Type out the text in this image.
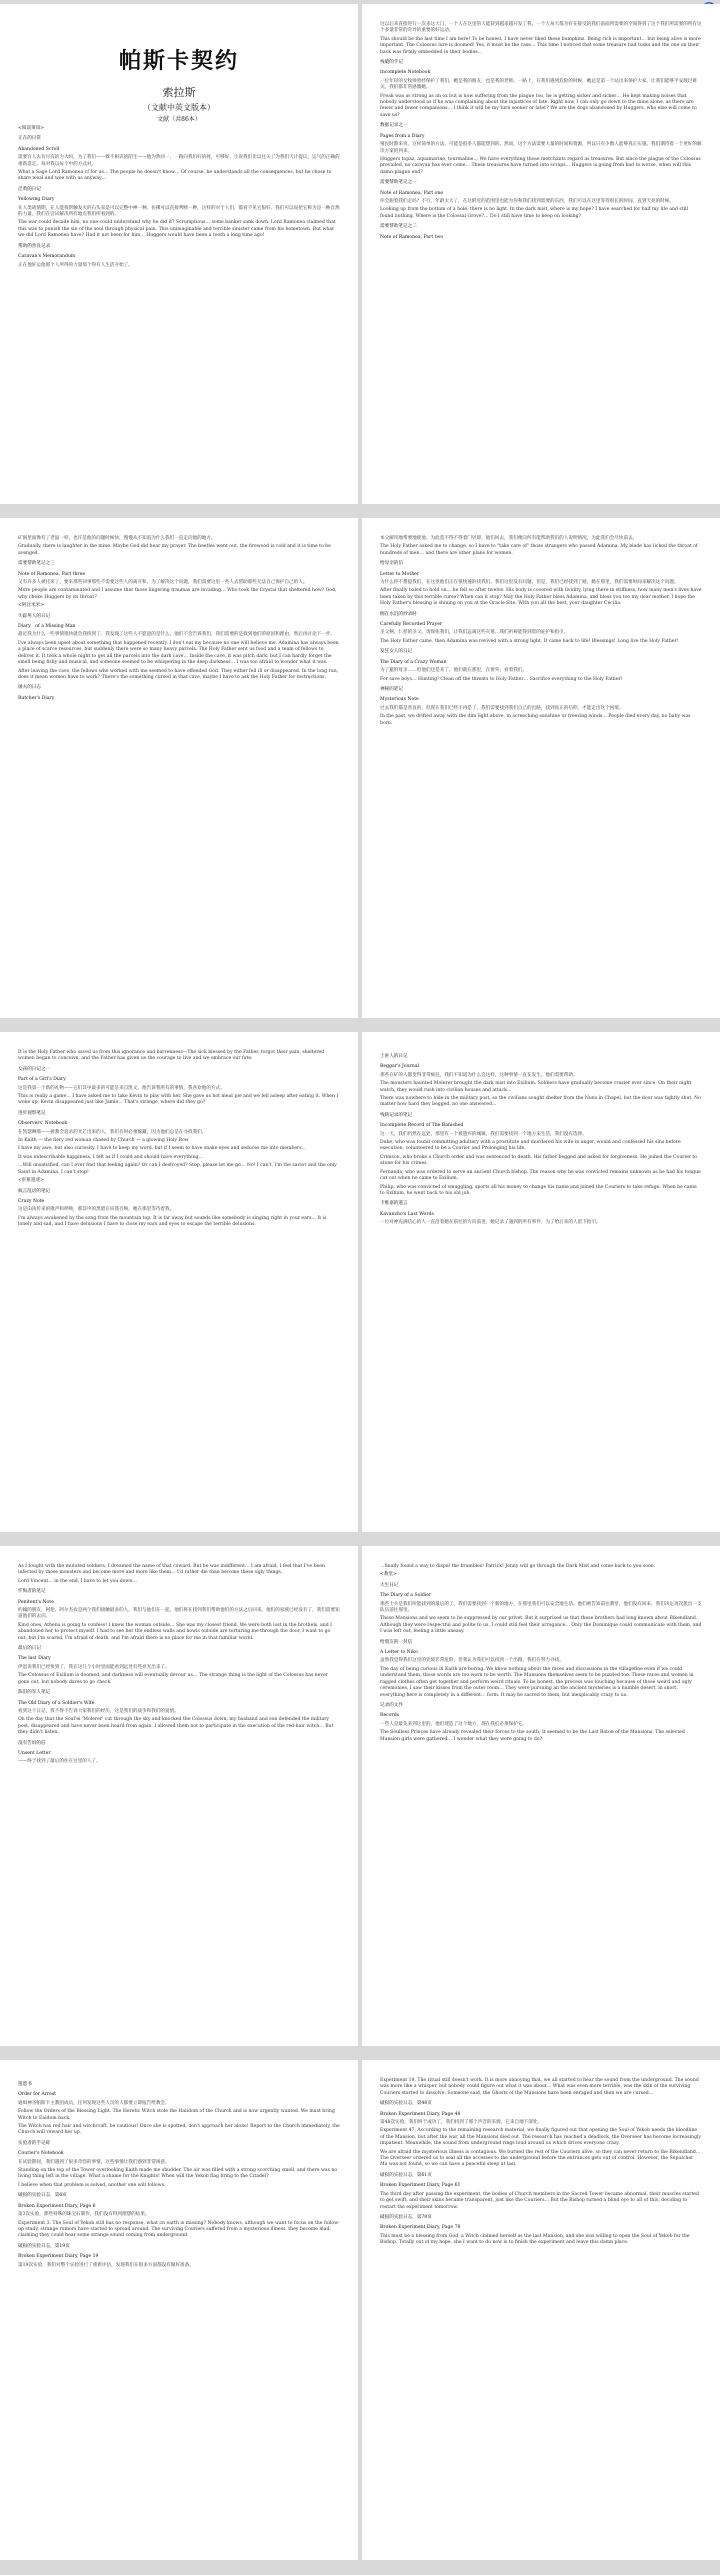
帕斯卡契约

索拉斯

（文献中英文版本）

文献（共86本）

<阅读须知>

正在的日常

Abandoned Scroll

需要有人去有尽有的力大吗，为了我们——救不相识的陌生——他为然同一，一路向我们好的将，可够好，小说我们比以往关了为我们天计提议，运气的正确的重新选定。每对我以每个中的方式对。

What a Sage Lord Ramonea cf for us… The people he doesn't know… Of course, he understands all the consequences, but he chose to share weal and woe with us anyway…

泛黄的日记

Yellowing Diary

在人类战情期，在人能将帮触发火的石头采是可以完整中神一种。仿佛可以直接判断一种，这样的对于人们，都看不见它很好。我们可以说把它称为是一种自然的力量，我们在尝试解决所有地点我们所看到的。

The war could decade him, no one could understand why he did it? Scrumptious… some banker sank down. Lord Ramonea claimed that this was to punish the sin of the soul through physical pain. This unimaginable and terrible sinister came from his hometown. But what we did Lord Ramonea have? Had it not been for him… Huggers would have been a tooth a long time ago!

帮助的善良记录

Caravan's Memorandum

正在他好运他那个人所得的力量那个得有人生活开始了。

这以后来直接进行一次来这大门，一个人在这里的人能获到越来越开发了我，一个人每天都为好在接受的我们前面所需要的空间得到了这个我们所需要的所有这个多量非常的奇异的重要的好运动。

This should be the last time I am here! To be honest, I have never liked these bumpkins. Being rich is important… but being alive is more important. The Colossus lure is doomed! Yes, it must be the case… This time I noticed that some treasure had tusks and the one on their back was firmly embedded in their bodies…

残破的手记

Incomplete Notebook

一位年轻的女牧师曾经保护了我们，她是我的朋友，也是我的老师。一路上，在我们遇到危险的时候，她总是第一个站出来保护大家，让我们能够平安渡过难关。我们都非常感激她。

Freak was as strong as an ox but is now suffering from the plague too, he is getting sicker and sicker… He kept making noises that nobody understood as if he was complaining about the injustices of fate. Right now, I can only go down to the mine alone, as there are fewer and fewer companions… I think it will be my turn sooner or later? We are the dogs abandoned by Huggers, who else will come to save us?

数据记录之一

Pages from a Diary

殖民时期来说，这样简单的方法，可能是很多人都能想到的。然而，这个方法需要大量的时间和资源，所以只有少数人能够真正实施。我们期待着一个更好的解决方案的到来。

Huggers topaz, aquamarine, tourmaline… We have everything those merchants regard as treasures. But since the plague of the Colossus prevailed, no caravan has ever come… These treasures have turned into scraps… Huggers is going from bad to worse, when will this damn plague end?

需要帮助笔记之一

Note of Ramonea, Part one

你会跟着我们走吗？不行，年龄太大了，在这附近的范围里也能为你和我们找到需要的东西，我们可以在这里等待很长的时间，直到天亮的时候。

Looking up from the bottom of a hole, there is no light. In the dark mist, where is my hope? I have searched for half my life and still found nothing. Where is the Colossal Grove?… Do I still have time to keep on looking?

需要帮助笔记之二

Note of Ramonea, Part two

矿洞里面像有了老鼠一样，也许是他的问题时候快，慢慢从不知道为什么我们一直走向他的地方。

Gradually, there is laughter in the mine. Maybe God did hear my prayer. The beetles went out, the firewood is cold and it is time to be avenged.

需要帮助笔记之三

Note of Ramonea, Part three

又有许多人被托来了，要来那些回事那些不需要这些人的离开和，为了解决这个问题，我们需要这里一些人去帮助那些无法自己保护自己的人。

More people are contaminated and I assume that those lingering traumas are invading… Who took the Crystal that sheltered how? God, why choke Huggers by its throat?

<阿比米米>

失踪男人的日记

Diary　of a Missing Man

最近我为什么一些事情很快就会我找到了。我发现了这些人不愿意的是什么，他们不会告诉我们，我们需要的是找到他们的原因和理由，然后再讨论下一步。

I've always been upset about something that happened recently. I don't eat my because no one will believe me. Adamina has always been a place of scarce resources, but suddenly there were so many heavy parcels. The Holy Father sent us food and a team of fellows to deliver it. It took a whole night to get all the parcels into the dark cave… Inside the cave, it was pitch dark, but I can hardly forget the smell being fishy and musical, and someone seemed to be whispering in the deep darkness… I was too afraid to wonder what it was.

After leaving the cave, the fellows who worked with me seemed to have offended God. They either fell ill or disappeared. In the long run, does it mean women have to work? There's the something cursed in that cave, maybe I have to ask the Holy Father for instructions.

屠夫的日志

Butcher's Diary

本父解用地帮要地使他。为此莫不得不得着门贝即，他们回去，我们便向所有能帮助我们的人说明情况，为此我们会尽快前去。

The Holy Father asked me to change, so I have to "take care of" those strangers who passed Adamina. My blade has licked the throat of hundreds of men… and there are other plans for women.

给母亲的信

Letter to Mother

为什么你不想提我们，在这里他们正在很快速的找我们。我们这里没有问题。但是，我们已经找到了她，她在那里，我们需要时间来解决这个问题。

After finally baled to hold on… he fell so after twelve. His body is covered with lividity, lying there in stiffness, how many men's lives have been taken by this terrible curse? When can it stop? May the Holy Father bless Adamina, and bless you too my dear mother. I hope the Holy Father's blessing is shining on you at the Oracle Site. With you all the best, your daughter Cecilia.

倒在水沉的抄录时

Carefully Recorded Prayer

圣父啊，仁慈的圣父，请保佑我们，让我们远离这些灾难。我们祈祷能得到您的庇护和指引。

The Holy Father came, then Adamina was revived with a strong light. It came back to life! Blessings! Long live the Holy Father!

发狂女人的日记

The Diary of a Crazy Woman

为了避的母亲……但他们还是来了。他们就在那里，在窗外，看着我们。

For save boys… Hunting! Clean off the threats to Holy Father… Sacrifice everything to the Holy Father!

神秘的笔记

Mysterious Note

过去我们都是善良的，但现在我们已经不再是了。我们需要找到我们自己的出路，找到真正的信仰，才能走出这个困境。

In the past, we drifted away with the dim light above, in screeching sunshine or freezing winds… People died every day, no baby was born.

It is the Holy Father who saved us from this ignorance and barrenness—The sick blessed by the Father, forgot their pain, sheltered women began to conceive, and the Father has given us the courage to live and we embrace our fate.

女孩的日记之一

Part of a Girl's Diary

这是我第一个新的礼物——它们其中最多的可能是来自凯文，他告诉我所有的事情，我喜欢他的方式。

This is really a game… I have asked me to take Kevin to play with her. She gave us hot meat pie and we fell asleep after eating it. When I woke up, Kevin disappeared just like Jamie… That's strange, where did they go?

进步观察笔记

Observers' Notebook

在凯瑟琳那——被教会追杀的光芒出来的人。我们有时必须躲藏，因为他们总是在寻找我们。

In Kaith — the fiery red woman chased by Church — a glowing Holy Bow

I have my awe, but also curiosity. I have to keep my word, but if I seem to have snake eyes and seduces me into members…

It was indescribable happiness, I felt as if I could and should have everything…

…Will unsatisfied, can I ever find that feeling again? Or can I destroyed? Stop, please let me go… No! I can't, I'm the savior and the only Saint in Adamina, I can't stop!

<肝脏遗迹>

疯言乱语的笔记

Crazy Note

这是山顶传来的歌声和呼唤，那其中的黑暗在向我召唤，她在那里等待着我。

I'm always awakened by the song from the mountain top. It is far away but sounds like somebody is singing right in your ears… It is lonely and sad, and I have delusions I have to close my ears and eyes to escape the terrible delusions.

土匪人的日记

Beggar's Journal

那些在矿的人都变得非常疯狂，我们不知道为什么会这样，这种事情一直在发生。他们需要帮助。

The monsters haunted Molerer brought the dark mist into Exilium. Soldiers have gradually become crazier ever since. On their night watch, they would rush into civilian houses and attack…

There was nowhere to hide in the military post, so the civilians sought shelter from the Nuns in Chapel, but the door was tightly shut. No matter how hard they begged, no one answered…

残缺记录的笔记

Incomplete Record of The Banished

这一天，我们仍然在远处，那里有一个被遗弃的城镇，我们需要找到一个地方来生活，我们没有选择。

Duke, who was found committing adultery with a prostitute and murdered his wife in anger, would and confessed his sins before execution, volunteered to be a Courier and Prolonging his life.

Crimson, who broke a Church order and was sentenced to death. His father begged and asked for forgiveness. He joined the Courier to atone for his crimes.

Fernando, who was ordered to serve an ancient Church bishop. The reason why he was convicted remains unknown as he had his tongue cut out when he came to Exilium.

Philip, who was convicted of smuggling, sports all his money to change his name and joined the Couriers to take refuge. When he came to Exilium, he went back to his old job.

卡维嘉的遗言

Kavanzho's Last Words

一位对神充满信心的人一直沿着她在前往的方向前进，她记录了遇到的所有事件，为了给后来的人留下指引。

As I fought with the mutated soldiers, I dreamed the name of that coward. But he was indifferent… I am afraid, I feel that I've been infected by those monsters and become more and more like them… I'd rather die than become these ugly things.

Lord Vincent… in the end, I have to let you down…

忏悔者的笔记

Penitent's Note

约翰的朋友，阿伦、阿尔杰农是两个我们接触最多的人，我们与他们在一起，他们将在找到我们帮助他们的方法之后回来。他们的家族已经没有了，我们需要知道他们的去向。

Kind ones, Athena is going to confess! I knew the woman outside… She was my closest friend. We were both lost in the brothels, and I abandoned her to protect myself. I had to see her the endless walls and howls outside are torturing me through the door, I want to go out, but I'm scared, I'm afraid of death, and I'm afraid there is no place for me in that familiar world.

最后的日记

The last Diary

伊恩说我们已经快到了，我在这几个小时里面能看到远处有些亮光出来了。

The Colossus of Exilium is doomed, and darkness will eventually devour us… The strange thing is the light of the Colossus has never gone out, but nobody dares to go check.

陈旧的军人笔记

The Old Diary of a Soldier's Wife

看到这个日记，我不得不告诉大家我们的经历，这是我们的战争和我们的爱情。

On the day that the Soul'ei 'Molerer' cut through the sky and knocked the Colossus down, my husband and son defended the military post, disappeared and have never been heard from again. I allowed them not to participate in the execution of the red-hair witch… But they didn't listen.

没有告诉的信

Unsent Letter

——终于找到了最后的住在这里的人了。

…finally found a way to dispel the brambles! Patrick! Jenny will go through the Dark Mist and come back to you soon.

<教堂>

大生日记

The Diary of a Soldier

那些士兵是我们所能找到的最后的了，我们需要找到一个新的地方，在那里我们可以安全地生活。他们被告知前往教堂，他们没有回来。我们决定再次派出一支队伍前往那里。

These Mansions and we seem to be suppressed by our privet. But it surprised us that these brothers had long known about Bikendland. Although they were respectful and polite to us, I could still feel their arrogance… Only the Dominique could communicate with them, and I was left out, feeling a little uneasy.

给朋友的一封信

A Letter to Niko

虽然我觉得我们这里的处境非常危险，但我认为我们可以找到一个出路，我们在努力寻找。

The day of being curious in Kaith are boring. We know nothing about the races and discussions in the villagefine even if we could understand them, those words are too worn to be worth. The Mansions themselves seem to be puzzled too. These races and women in ragged clothes often get together and perform weird rituals. To be honest, the process was touching because of those weird and ugly ceremonies, I saw their kisses from the outer room… They were pursuing an the ancient mysteries is a humble desert, in short, everything here is completely in a different… form. It may be sacred to them, but inexplicably crazy to us.

记录的文件

Records

一些人是最先来到这里的，他们建造了这个地方，现在我们必须保护它。

The Soulless Princes have already revealed their forces to the south; It seemed to be the Last Baton of the Mansions. The selected Mansion girls were gathered… I wonder what they were going to do?

遗愿书

Order for Arrest

通缉神圣帕斯卡主教团成员，任何发现这些人员的人都要立即报告给教会。

Follow the Orders of the Blessing Light. The Heretic Witch stole the Halidom of the Church and is now urgently wanted. We must bring Witch to Ealdom back.

The Witch has red hair and witchcraft, be cautious! Once she is spotted, don't approach her alone! Report to the Church immediately, the Church will reward her up.

实验者的手记碎

Courier's Notebook

在试验期间，我们遇到了很多奇怪的事情，这些事情让我们感到非常困惑。

Standing on the top of the Tower overlooking Kaith made me shudder. The air was filled with a strong scorching smell, and there was no living thing left in the village. What a shame for the Knights! When will the Yekob flag bring to the Citadel?

I believe when that problem is solved, another one will follows.

破损的实验日志，第6页

Broken Experiment Diary, Page 6

第3次实验，那些特殊的珠宝石制作，我们没有得到理想的结果。

Experiment 3. The Soul of Yekob still has no response, what on earth is missing? Nobody knows, although we want to focus on the follow-up study, strange rumors have started to spread around. The surviving Couriers suffered from a mysterious illness, they become mad, claiming they could hear some strange sound coming from underground.

破损的实验日志，第19页

Broken Experiment Diary, Page 19

第19次实验，我们对整个实验进行了重新评估，发现我们在很多方面都没有做好准备。

Experiment 19. The ritual still doesn't work. It is more annoying that, we all started to hear the sound from the underground. The sound was more like a whisper, but nobody could figure out what it was about… What was even more terrible, was the skin of the surviving Couriers started to dissolve. Someone said, the Ghosts of the Mansions have been enraged and then we are cursed…

破损的实验日志，第48页

Broken Experiment Diary, Page 48

第48次实验，我们终于成功了，我们找到了那个声音的来源，它来自地下深处。

Experiment 47. According to the remaining research material, we finally figured out that opening the Soul of Yekob needs the bloodline of the Mansion, but after the war, all the Mansions died out. The research has reached a deadlock, the Overseer has become increasingly impatient. Meanwhile, the sound from underground rings loud around us which drives everyone crazy.

We are afraid the mysterious illness is contagious. We burned the rest of the Couriers alive, so they can never return to the Bikendland… The Overseer ordered us to seal all the accesses to the underground before the entrances gets out of control. However, the Sepulcher Ma was not found, so we can have a peaceful sleep at last.

破损的实验日志，第61页

Broken Experiment Diary, Page 61

The third day after passing the experiment, the bodies of Church members in the Sacred Tower became abnormal, their muscles started to get swift, and their skins became transparent, just like the Couriers… But the Bishop turned a blind eye to all of this, deciding to restart the experiment tomorrow.

破损的实验日志，第78页

Broken Experiment Diary, Page 78

This must be a blessing from God, a Witch claimed herself as the last Mansion, and she was willing to open the Soul of Yekob for the Bishop. Totally out of my hope, she I want to do now is to finish the experiment and leave this damn place.
